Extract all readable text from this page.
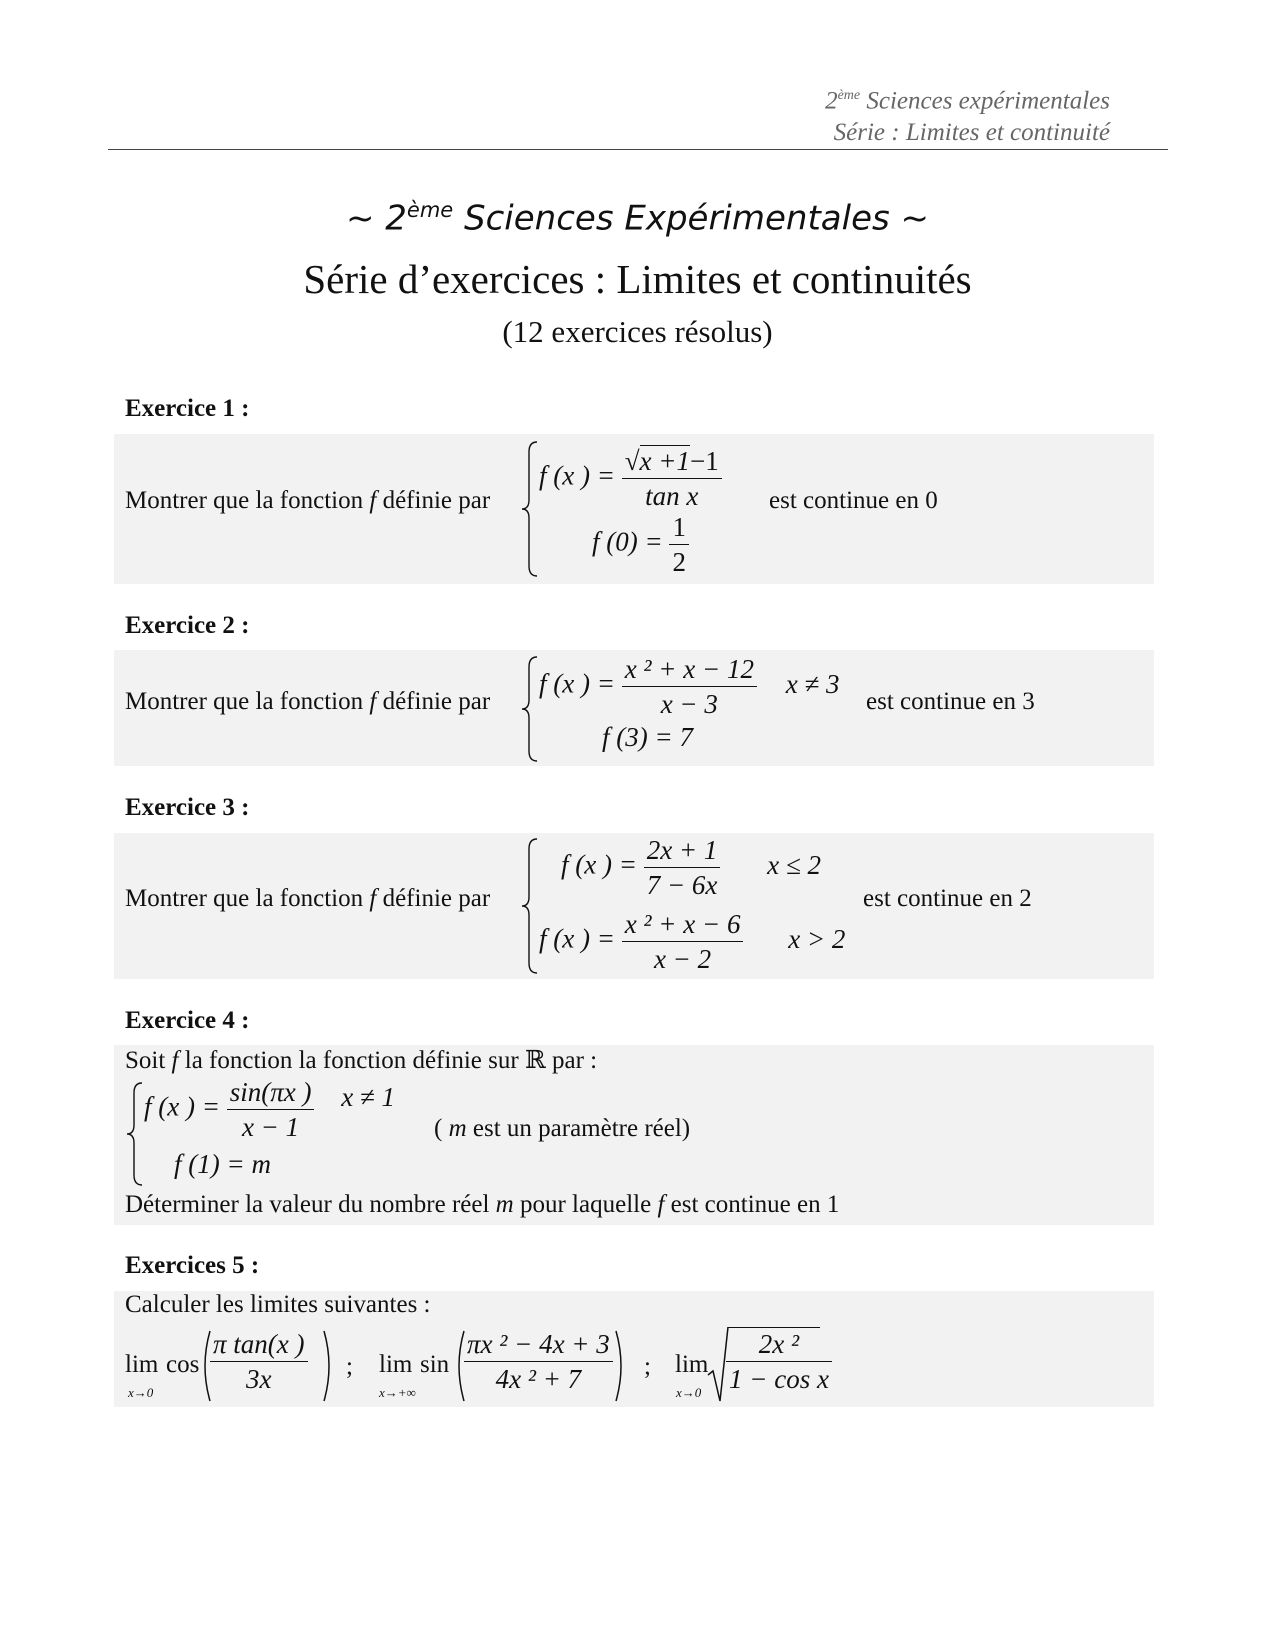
2ème Sciences expérimentales
Série : Limites et continuité
~ 2ème Sciences Expérimentales ~
Série d’exercices : Limites et continuités
(12 exercices résolus)
Exercice 1 :
Montrer que la fonction f définie par
f (x ) = $\frac{√x +1-1}{\text{tan x}}$
f $(0) = \frac{1}{2}$
est continue en 0
Exercice 2 :
Montrer que la fonction f définie par
f (x ) = $\frac{\text{x ² + x − 12}}{x - 3}$ x ≠ 3
f (3) = 7
est continue en 3
Exercice 3 :
Montrer que la fonction f définie par
f (x ) = $\frac{2x + 1}{7 - 6x}$ x ≤ 2
f (x ) = $\frac{\text{x ² + x − 6}}{x - 2}$ x > 2
est continue en 2
Exercice 4 :
Soit f la fonction la fonction définie sur ℝ par :
f (x ) = $\frac{\sin(\pi x )}{x - 1}$ x ≠ 1
f (1) = m
( m est un paramètre réel)
Déterminer la valeur du nombre réel m pour laquelle f est continue en 1
Exercices 5 :
Calculer les limites suivantes :
lim
x→0
$\cos \frac{\text{π tan(x )}}{3x}$ ; lim
x→+∞
$\sin \frac{\text{πx ² − 4x + 3}}{\text{4x ² + 7}}$ ; lim
$x\to 0 \frac{\text{2x ²}}{\text{1 − cos x}}$
